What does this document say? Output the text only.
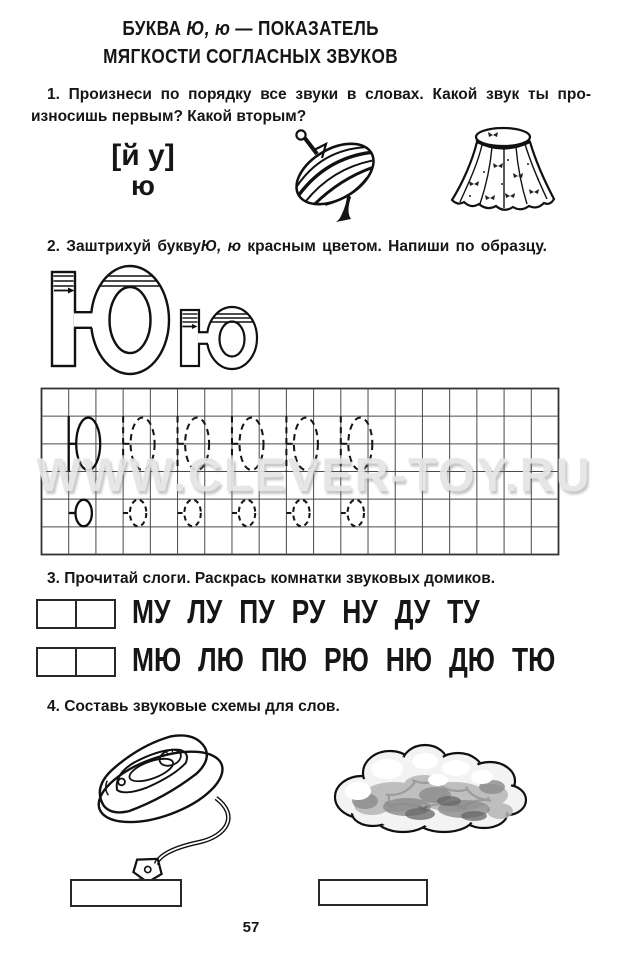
БУКВА Ю, ю — ПОКАЗАТЕЛЬ
МЯГКОСТИ СОГЛАСНЫХ ЗВУКОВ
1. Произнеси по порядку все звуки в словах. Какой звук ты про-
износишь первым? Какой вторым?
[й у]
ю
2. Заштрихуй буквуЮ, ю красным цветом. Напиши по образцу.
WWW.CLEVER-TOY.RU
3. Прочитай слоги. Раскрась комнатки звуковых домиков.
МУ ЛУ ПУ РУ НУ ДУ ТУ
МЮ ЛЮ ПЮ РЮ НЮ ДЮ ТЮ
4. Составь звуковые схемы для слов.
57
